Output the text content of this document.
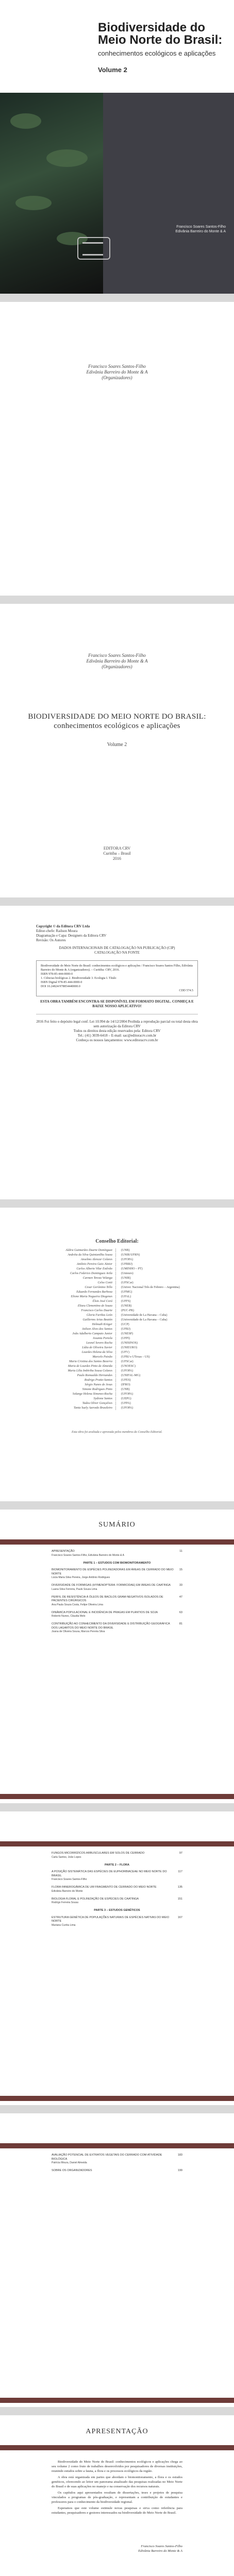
Biodiversidade do Meio Norte do Brasil:
conhecimentos ecológicos e aplicações
Volume 2
Francisco Soares Santos-Filho
Edivânia Barreiro do Monte & A
Francisco Soares Santos-Filho
Edivânia Barreiro do Monte & A
(Organizadores)
Francisco Soares Santos-Filho
Edivânia Barreiro do Monte & A
(Organizadores)
BIODIVERSIDADE DO MEIO NORTE DO BRASIL: conhecimentos ecológicos e aplicações
Volume 2
EDITORA CRV
Curitiba – Brasil
2016
Copyright © da Editora CRV Ltda
Editor-chefe: Railson Moura
Diagramação e Capa: Designers da Editora CRV
Revisão: Os Autores
DADOS INTERNACIONAIS DE CATALOGAÇÃO NA PUBLICAÇÃO (CIP)
CATALOGAÇÃO NA FONTE
Biodiversidade do Meio Norte do Brasil: conhecimentos ecológicos e aplicações / Francisco Soares Santos Filho, Edivânia Barreiro do Monte & A (organizadores). – Curitiba: CRV, 2016.
ISBN 978-85-444-0000-0
1. Ciências biológicas 2. Biodiversidade 3. Ecologia I. Título
ISBN Digital 978-85-444-0000-0
DOI 10.24824/978854440000.0
CDD 574.5
ESTA OBRA TAMBÉM ENCONTRA-SE DISPONÍVEL EM FORMATO DIGITAL. CONHEÇA E BAIXE NOSSO APLICATIVO!
2016 Foi feito o depósito legal conf. Lei 10.994 de 14/12/2004 Proibida a reprodução parcial ou total desta obra sem autorização da Editora CRV
Todos os direitos desta edição reservados pela: Editora CRV
Tel.: (41) 3039-6418 – E-mail: sac@editoracrv.com.br
Conheça os nossos lançamentos: www.editoracrv.com.br
Conselho Editorial:
Aldira Guimarães Duarte Domínguez	(UNB)
Andréia da Silva Quintanilha Sousa	(UNIR/UFRN)
Anselmo Alencar Colares	(UFOPA)
Antônio Pereira Gaio Júnior	(UFRRJ)
Carlos Alberto Vilar Estêvão	(UMINHO – PT)
Carlos Federico Dominguez Avila	(Unieuro)
Carmen Tereza Velanga	(UNIR)
Celso Conti	(UFSCar)
Cesar Gerónimo Tello	(Univer. Nacional Três de Febrero – Argentina)
Eduardo Fernandes Barbosa	(UFMG)
Elione Maria Nogueira Diogenes	(UFAL)
Élsio José Corá	(UFFS)
Elizeu Clementino de Souza	(UNEB)
Francisco Carlos Duarte	(PUC-PR)
Gloria Fariñas León	(Universidade de La Havana – Cuba)
Guillermo Arias Beatón	(Universidade de La Havana – Cuba)
Helmuth Krüger	(UCP)
Jailson Alves dos Santos	(UFRJ)
João Adalberto Campato Junior	(UNESP)
Josania Portela	(UFPI)
Leonel Severo Rocha	(UNISINOS)
Lídia de Oliveira Xavier	(UNIEURO)
Lourdes Helena da Silva	(UFV)
Marcelo Paixão	(UFRJ e UTexas – US)
Maria Cristina dos Santos Bezerra	(UFSCar)
Maria de Lourdes Pinto de Almeida	(UNOESC)
Maria Lília Imbiriba Sousa Colares	(UFOPA)
Paulo Romualdo Hernandes	(UNIFAL-MG)
Rodrigo Pratte-Santos	(UFES)
Sérgio Nunes de Jesus	(IFRO)
Simone Rodrigues Pinto	(UNB)
Solange Helena Ximenes-Rocha	(UFOPA)
Sydione Santos	(UEPG)
Tadeu Oliver Gonçalves	(UFPA)
Tania Suely Azevedo Brasileiro	(UFOPA)
Esta obra foi avaliada e aprovada pelos membros do Conselho Editorial.
SUMÁRIO
APRESENTAÇÃO	11
Francisco Soares Santos-Filho, Edivânia Barreiro do Monte & A
PARTE 1 – ESTUDOS COM BIOMONITORAMENTO
BIOMONITORAMENTO DE ESPÉCIES POLINIZADORAS EM ÁREAS DE CERRADO DO MEIO NORTE
15
Lúcia Maria Silva Pereira, Jorge Antônio Rodrigues
DIVERSIDADE DE FORMIGAS (HYMENOPTERA: FORMICIDAE) EM ÁREAS DE CAATINGA	33
Luana Silva Ferreira, Paulo Souza Lima
PERFIL DE RESISTÊNCIA À ÓLEOS DE BACILOS GRAM-NEGATIVOS ISOLADOS DE PACIENTES CIRÚRGICOS
47
Ana Paula Souza Costa, Felipe Oliveira Lima
DINÂMICA POPULACIONAL E INCIDÊNCIA DE PRAGAS EM PLANTIOS DE SOJA	63
Roberto Nunes, Cláudia Melo
CONTRIBUIÇÃO AO CONHECIMENTO DA DIVERSIDADE E DISTRIBUIÇÃO GEOGRÁFICA DOS LAGARTOS DO MEIO NORTE DO BRASIL
81
Joana de Oliveira Sousa, Marcos Pereira Silva
FUNGOS MICORRÍZICOS ARBUSCULARES EM SOLOS DE CERRADO	97
Carla Santos, João Lopes
PARTE 2 – FLORA
A POSIÇÃO SISTEMÁTICA DAS ESPÉCIES DE EUPHORBIACEAE NO MEIO NORTE DO BRASIL
117
Francisco Soares Santos-Filho
FLORA FANEROGÂMICA DE UM FRAGMENTO DE CERRADO DO MEIO NORTE	135
Edivânia Barreiro do Monte
BIOLOGIA FLORAL E POLINIZAÇÃO DE ESPÉCIES DE CAATINGA	151
Rodrigo Ferreira Sousa
PARTE 3 – ESTUDOS GENÉTICOS
ESTRUTURA GENÉTICA DE POPULAÇÕES NATURAIS DE ESPÉCIES NATIVAS DO MEIO NORTE
167
Mariana Cunha Lima
AVALIAÇÃO POTENCIAL DE EXTRATOS VEGETAIS DO CERRADO COM ATIVIDADE BIOLÓGICA
183
Patrícia Moura, Daniel Almeida
SOBRE OS ORGANIZADORES	199
APRESENTAÇÃO

Biodiversidade do Meio Norte do Brasil: conhecimentos ecológicos e aplicações chega ao seu volume 2 como fruto de trabalhos desenvolvidos por pesquisadores de diversas instituições, reunindo estudos sobre a fauna, a flora e os processos ecológicos da região.

A obra está organizada em partes que abordam o biomonitoramento, a flora e os estudos genéticos, oferecendo ao leitor um panorama atualizado das pesquisas realizadas no Meio Norte do Brasil e de suas aplicações no manejo e na conservação dos recursos naturais.

Os capítulos aqui apresentados resultam de dissertações, teses e projetos de pesquisa vinculados a programas de pós-graduação, e representam a contribuição de estudantes e professores para o conhecimento da biodiversidade regional.

Esperamos que este volume estimule novas pesquisas e sirva como referência para estudantes, pesquisadores e gestores interessados na biodiversidade do Meio Norte do Brasil.

Francisco Soares Santos-Filho
Edivânia Barreiro do Monte & A
